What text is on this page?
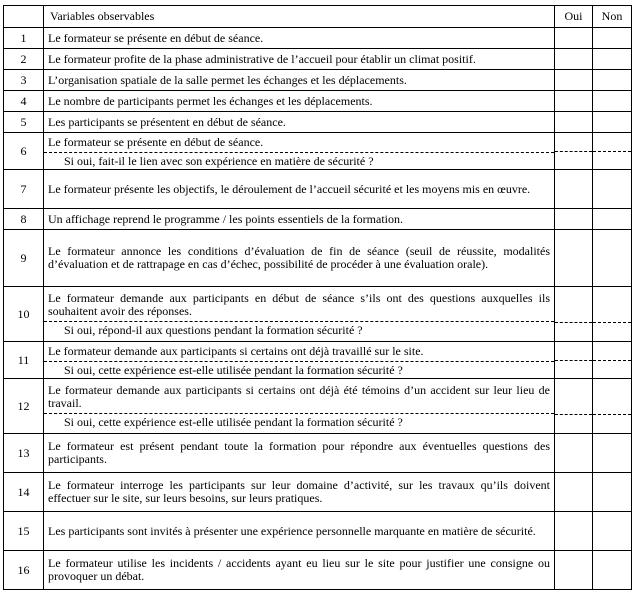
	Variables observables	Oui	Non
1	Le formateur se présente en début de séance.		
2	Le formateur profite de la phase administrative de l’accueil pour établir un climat positif.		
3	L’organisation spatiale de la salle permet les échanges et les déplacements.		
4	Le nombre de participants permet les échanges et les déplacements.		
5	Les participants se présentent en début de séance.		
6	Le formateur se présente en début de séance.
Si oui, fait-il le lien avec son expérience en matière de sécurité ?		

7	Le formateur présente les objectifs, le déroulement de l’accueil sécurité et les moyens mis en œuvre.		
8	Un affichage reprend le programme / les points essentiels de la formation.		
9	Le formateur annonce les conditions d’évaluation de fin de séance (seuil de réussite, modalités d’évaluation et de rattrapage en cas d’échec, possibilité de procéder à une évaluation orale).		
10	Le formateur demande aux participants en début de séance s’ils ont des questions auxquelles ils souhaitent avoir des réponses.
Si oui, répond-il aux questions pendant la formation sécurité ?		

11	Le formateur demande aux participants si certains ont déjà travaillé sur le site.
Si oui, cette expérience est-elle utilisée pendant la formation sécurité ?		

12	Le formateur demande aux participants si certains ont déjà été témoins d’un accident sur leur lieu de travail.
Si oui, cette expérience est-elle utilisée pendant la formation sécurité ?		

13	Le formateur est présent pendant toute la formation pour répondre aux éventuelles questions des participants.		
14	Le formateur interroge les participants sur leur domaine d’activité, sur les travaux qu’ils doivent effectuer sur le site, sur leurs besoins, sur leurs pratiques.		
15	Les participants sont invités à présenter une expérience personnelle marquante en matière de sécurité.		
16	Le formateur utilise les incidents / accidents ayant eu lieu sur le site pour justifier une consigne ou provoquer un débat.		
